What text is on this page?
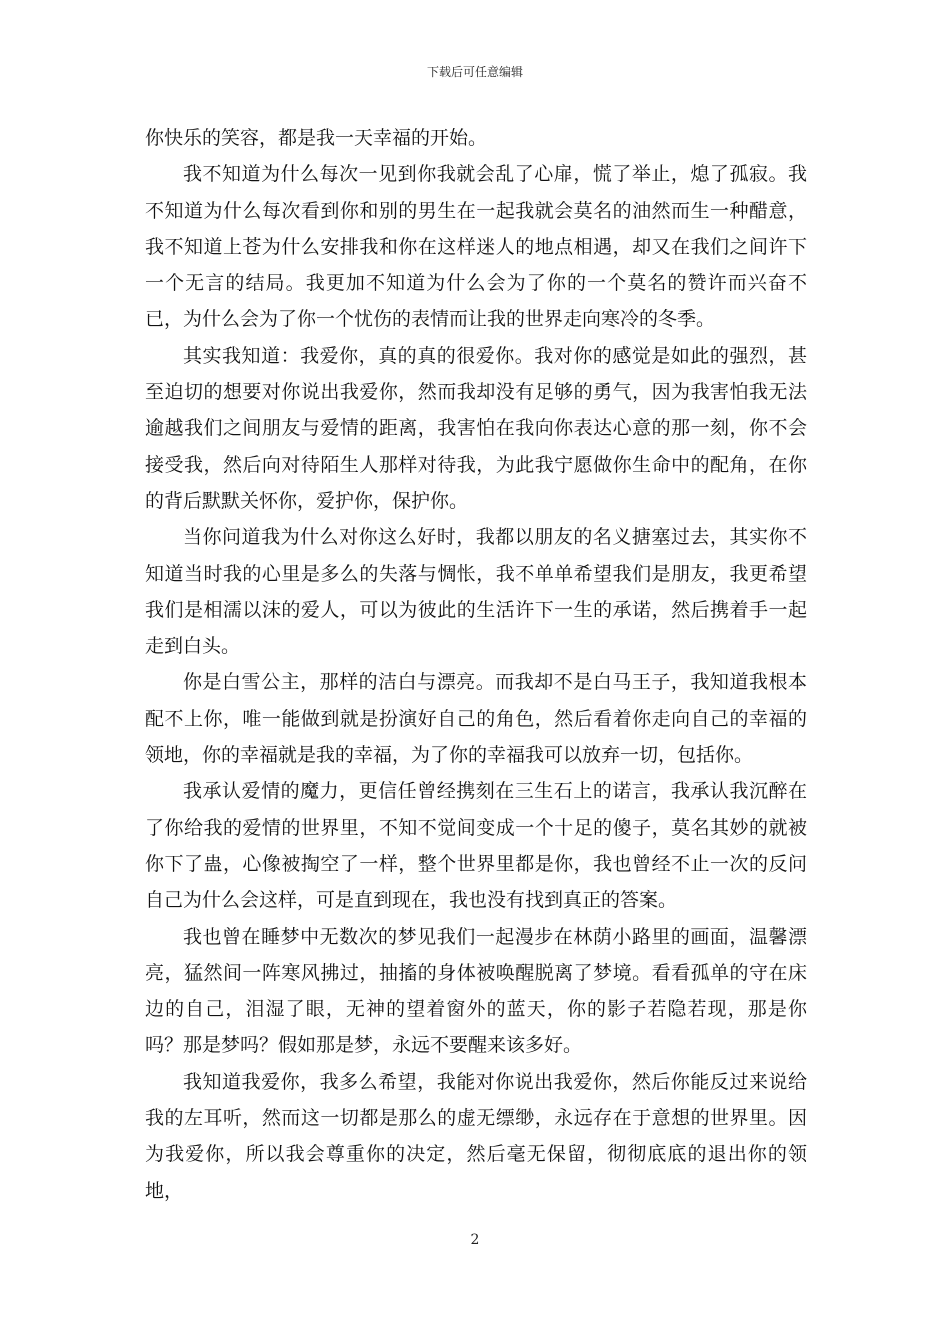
下载后可任意编辑

你快乐的笑容，都是我一天幸福的开始。

我不知道为什么每次一见到你我就会乱了心扉，慌了举止，熄了孤寂。我不知道为什么每次看到你和别的男生在一起我就会莫名的油然而生一种醋意，我不知道上苍为什么安排我和你在这样迷人的地点相遇，却又在我们之间许下一个无言的结局。我更加不知道为什么会为了你的一个莫名的赞许而兴奋不已，为什么会为了你一个忧伤的表情而让我的世界走向寒冷的冬季。

其实我知道：我爱你，真的真的很爱你。我对你的感觉是如此的强烈，甚至迫切的想要对你说出我爱你，然而我却没有足够的勇气，因为我害怕我无法逾越我们之间朋友与爱情的距离，我害怕在我向你表达心意的那一刻，你不会接受我，然后向对待陌生人那样对待我，为此我宁愿做你生命中的配角，在你的背后默默关怀你，爱护你，保护你。

当你问道我为什么对你这么好时，我都以朋友的名义搪塞过去，其实你不知道当时我的心里是多么的失落与惆怅，我不单单希望我们是朋友，我更希望我们是相濡以沫的爱人，可以为彼此的生活许下一生的承诺，然后携着手一起走到白头。

你是白雪公主，那样的洁白与漂亮。而我却不是白马王子，我知道我根本配不上你，唯一能做到就是扮演好自己的角色，然后看着你走向自己的幸福的领地，你的幸福就是我的幸福，为了你的幸福我可以放弃一切，包括你。

我承认爱情的魔力，更信任曾经携刻在三生石上的诺言，我承认我沉醉在了你给我的爱情的世界里，不知不觉间变成一个十足的傻子，莫名其妙的就被你下了蛊，心像被掏空了一样，整个世界里都是你，我也曾经不止一次的反问自己为什么会这样，可是直到现在，我也没有找到真正的答案。

我也曾在睡梦中无数次的梦见我们一起漫步在林荫小路里的画面，温馨漂亮，猛然间一阵寒风拂过，抽搐的身体被唤醒脱离了梦境。看看孤单的守在床边的自己，泪湿了眼，无神的望着窗外的蓝天，你的影子若隐若现，那是你吗？那是梦吗？假如那是梦，永远不要醒来该多好。

我知道我爱你，我多么希望，我能对你说出我爱你，然后你能反过来说给我的左耳听，然而这一切都是那么的虚无缥缈，永远存在于意想的世界里。因为我爱你，所以我会尊重你的决定，然后毫无保留，彻彻底底的退出你的领地，

2
